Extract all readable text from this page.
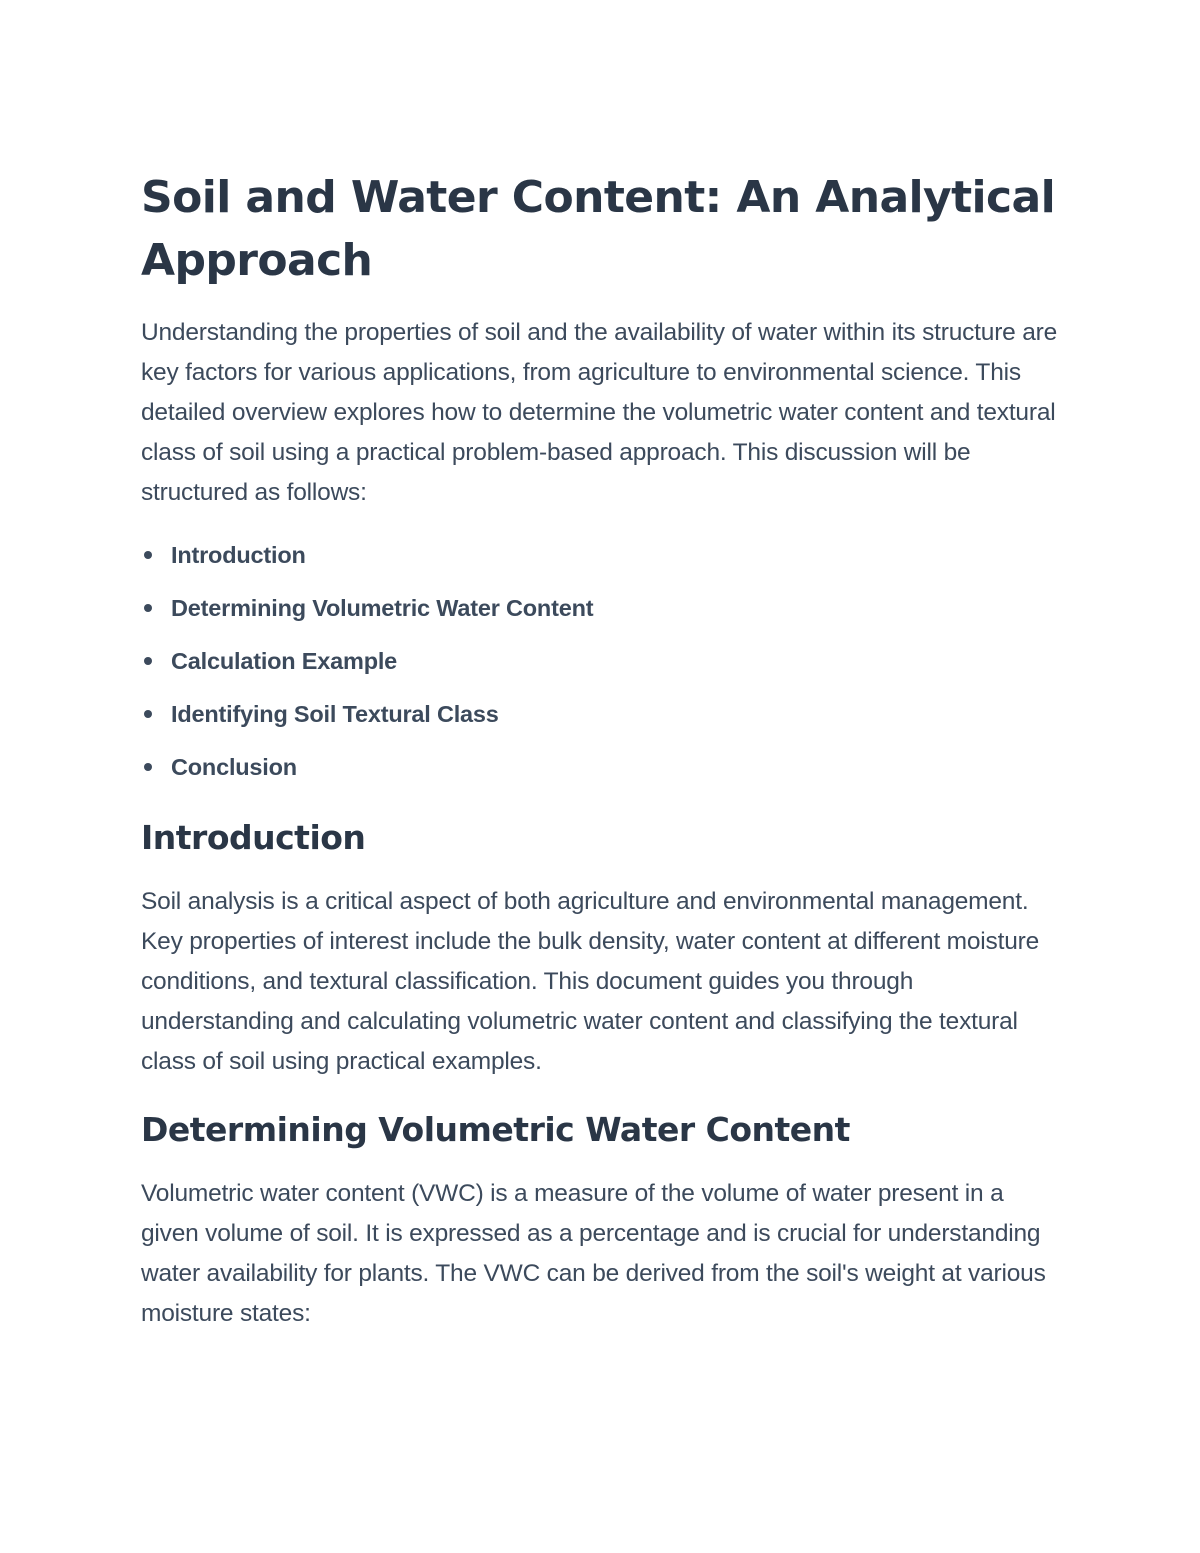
Soil and Water Content: An Analytical Approach

Understanding the properties of soil and the availability of water within its structure are key factors for various applications, from agriculture to environmental science. This detailed overview explores how to determine the volumetric water content and textural class of soil using a practical problem-based approach. This discussion will be structured as follows:

Introduction
Determining Volumetric Water Content
Calculation Example
Identifying Soil Textural Class
Conclusion
Introduction

Soil analysis is a critical aspect of both agriculture and environmental management. Key properties of interest include the bulk density, water content at different moisture conditions, and textural classification. This document guides you through understanding and calculating volumetric water content and classifying the textural class of soil using practical examples.

Determining Volumetric Water Content

Volumetric water content (VWC) is a measure of the volume of water present in a given volume of soil. It is expressed as a percentage and is crucial for understanding water availability for plants. The VWC can be derived from the soil's weight at various moisture states:
